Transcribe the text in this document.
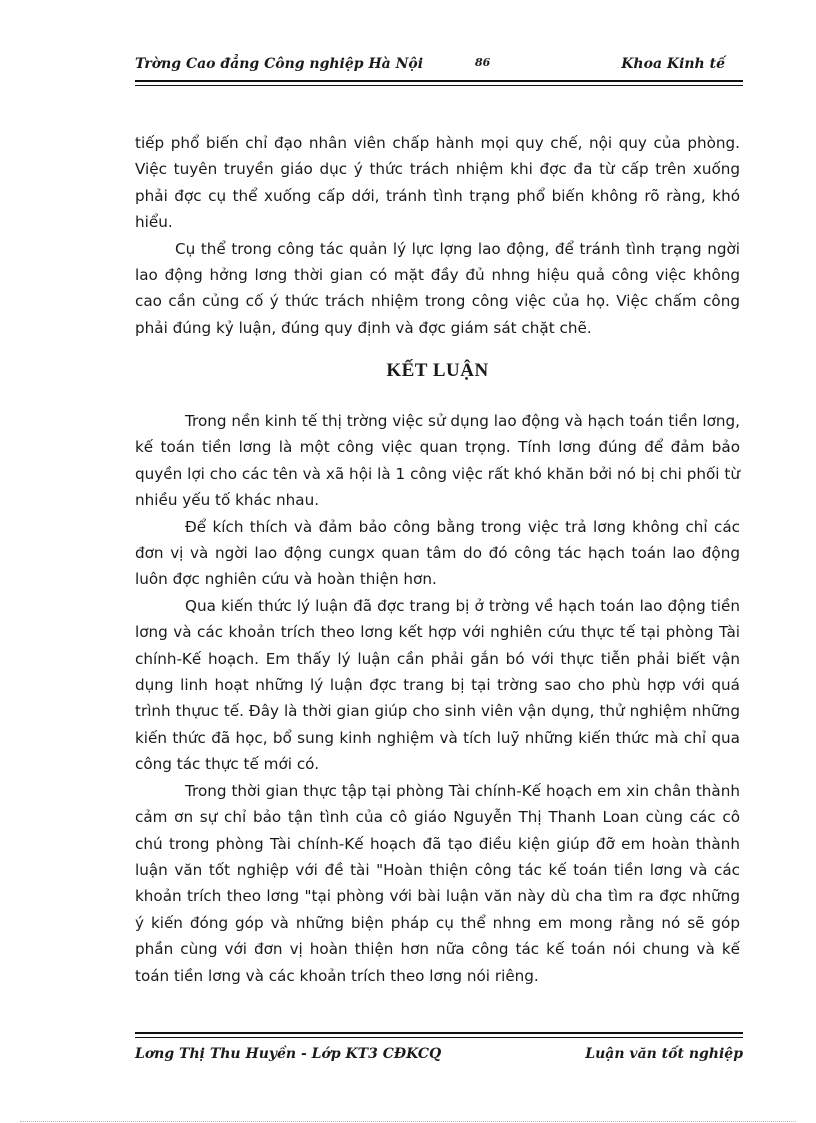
Trờng Cao đẳng Công nghiệp Hà Nội	86	Khoa Kinh tế

tiếp phổ biến chỉ đạo nhân viên chấp hành mọi quy chế, nội quy của phòng. Việc tuyên truyền giáo dục ý thức trách nhiệm khi đợc đa từ cấp trên xuống phải đợc cụ thể xuống cấp dới, tránh tình trạng phổ biến không rõ ràng, khó hiểu.

Cụ thể trong công tác quản lý lực lợng lao động, để tránh tình trạng ngời lao động hởng lơng thời gian có mặt đầy đủ nhng hiệu quả công việc không cao cần củng cố ý thức trách nhiệm trong công việc của họ. Việc chấm công phải đúng kỷ luận, đúng quy định và đợc giám sát chặt chẽ.

KẾT LUẬN

Trong nền kinh tế thị trờng việc sử dụng lao động và hạch toán tiền lơng, kế toán tiền lơng là một công việc quan trọng. Tính lơng đúng để đảm bảo quyền lợi cho các tên và xã hội là 1 công việc rất khó khăn bởi nó bị chi phối từ nhiều yếu tố khác nhau.

Để kích thích và đảm bảo công bằng trong việc trả lơng không chỉ các đơn vị và ngời lao động cungx quan tâm do đó công tác hạch toán lao động luôn đợc nghiên cứu và hoàn thiện hơn.

Qua kiến thức lý luận đã đợc trang bị ở trờng về hạch toán lao động tiền lơng và các khoản trích theo lơng kết hợp với nghiên cứu thực tế tại phòng Tài chính-Kế hoạch. Em thấy lý luận cần phải gắn bó với thực tiễn phải biết vận dụng linh hoạt những lý luận đợc trang bị tại trờng sao cho phù hợp với quá trình thựuc tế. Đây là thời gian giúp cho sinh viên vận dụng, thử nghiệm những kiến thức đã học, bổ sung kinh nghiệm và tích luỹ những kiến thức mà chỉ qua công tác thực tế mới có.

Trong thời gian thực tập tại phòng Tài chính-Kế hoạch em xin chân thành cảm ơn sự chỉ bảo tận tình của cô giáo Nguyễn Thị Thanh Loan cùng các cô chú trong phòng Tài chính-Kế hoạch đã tạo điều kiện giúp đỡ em hoàn thành luận văn tốt nghiệp với đề tài "Hoàn thiện công tác kế toán tiền lơng và các khoản trích theo lơng "tại phòng với bài luận văn này dù cha tìm ra đợc những ý kiến đóng góp và những biện pháp cụ thể nhng em mong rằng nó sẽ góp phần cùng với đơn vị hoàn thiện hơn nữa công tác kế toán nói chung và kế toán tiền lơng và các khoản trích theo lơng nói riêng.

Lơng Thị Thu Huyền - Lớp KT3 CĐKCQ	Luận văn tốt nghiệp
